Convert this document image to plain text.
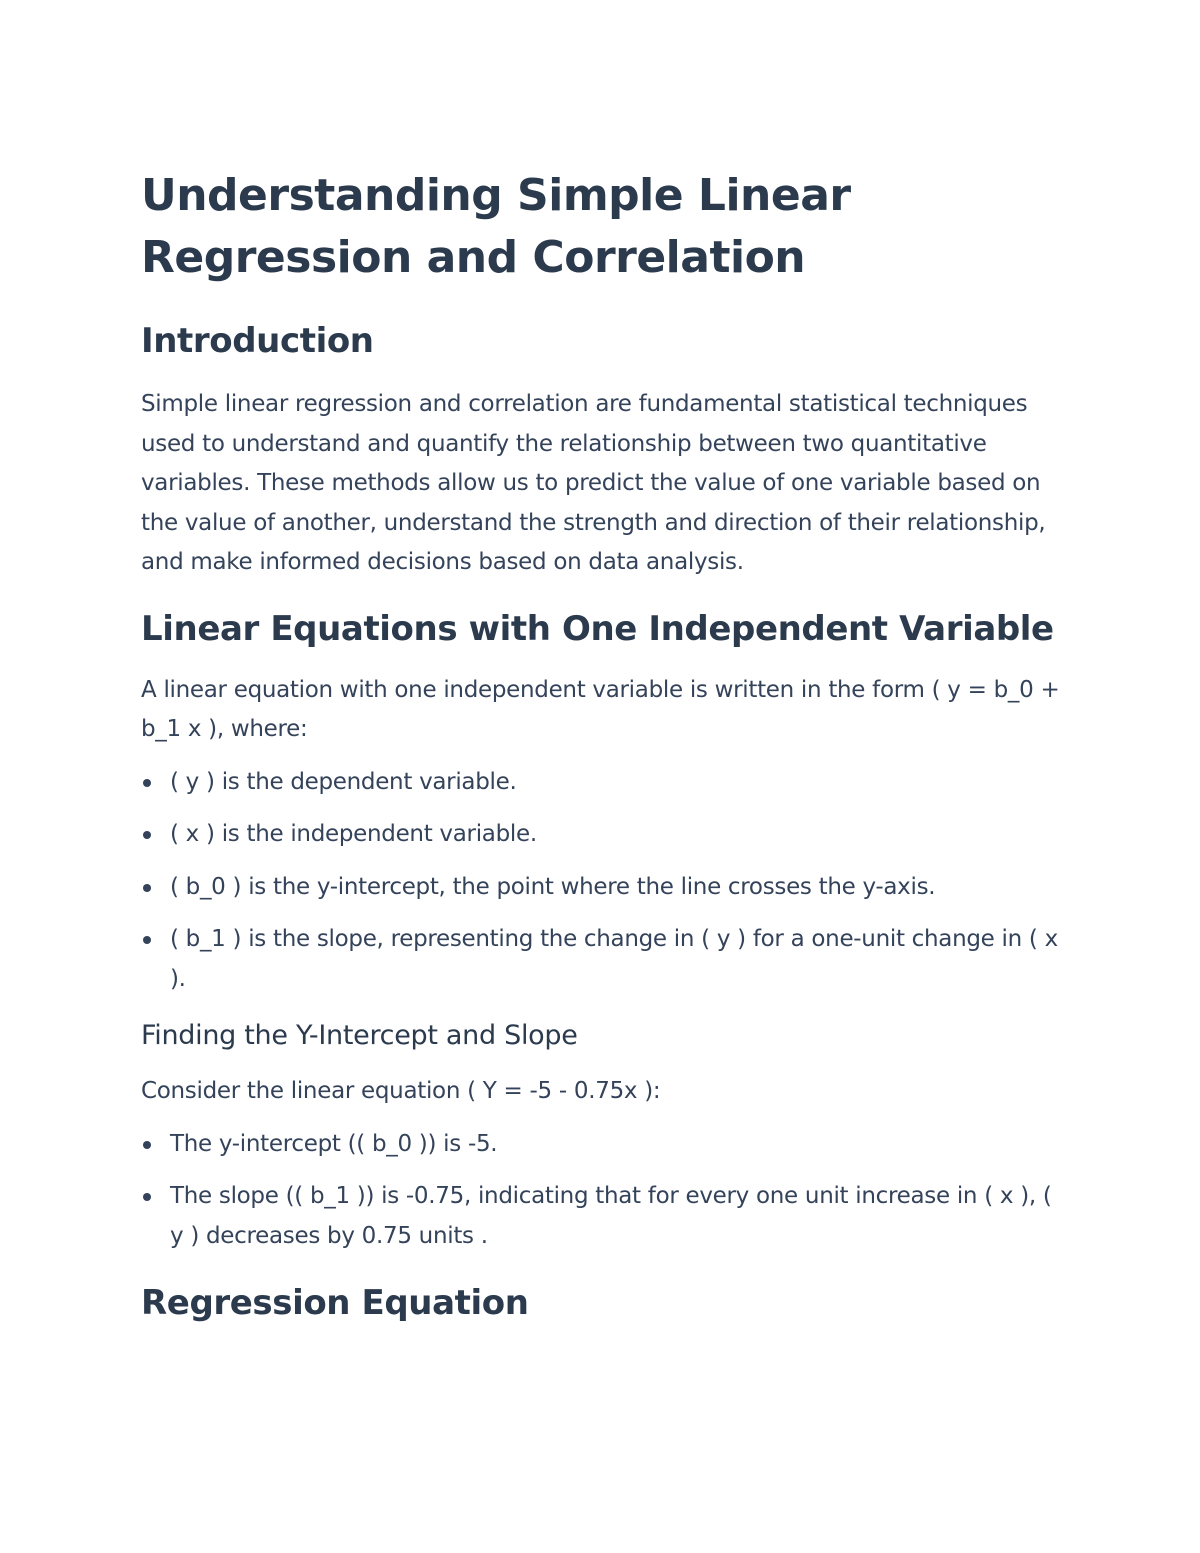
Understanding Simple Linear
Regression and Correlation
Introduction

Simple linear regression and correlation are fundamental statistical techniques used to understand and quantify the relationship between two quantitative variables. These methods allow us to predict the value of one variable based on the value of another, understand the strength and direction of their relationship, and make informed decisions based on data analysis.

Linear Equations with One Independent Variable

A linear equation with one independent variable is written in the form ( y = b_0 + b_1 x ), where:

( y ) is the dependent variable.
( x ) is the independent variable.
( b_0 ) is the y-intercept, the point where the line crosses the y-axis.
( b_1 ) is the slope, representing the change in ( y ) for a one-unit change in ( x ).
Finding the Y-Intercept and Slope

Consider the linear equation ( Y = -5 - 0.75x ):

The y-intercept (( b_0 )) is -5.
The slope (( b_1 )) is -0.75, indicating that for every one unit increase in ( x ), ( y ) decreases by 0.75 units .
Regression Equation
